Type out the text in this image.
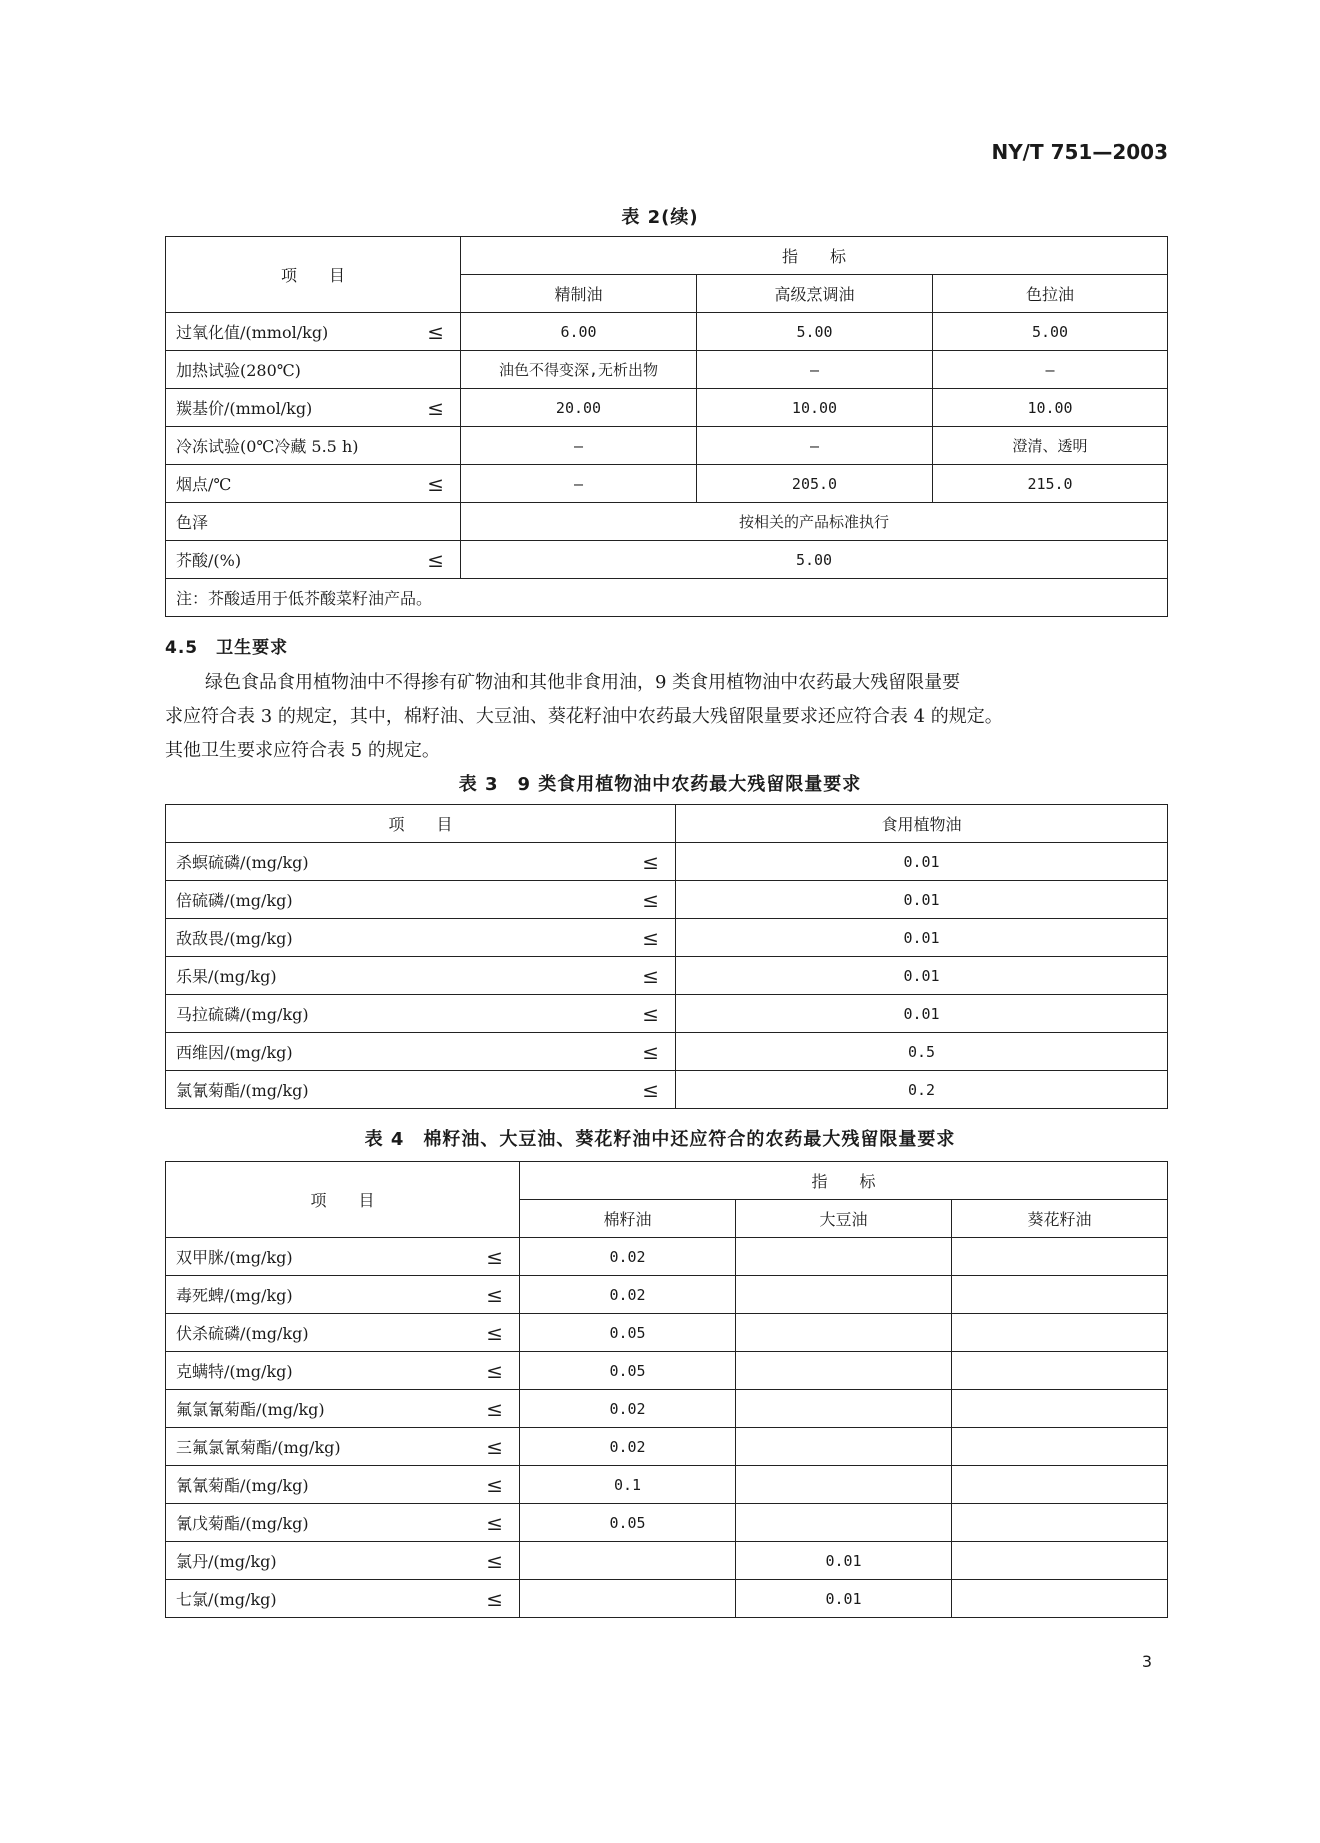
NY/T 751—2003
表 2(续)
项　　目	指　　标		
	精制油	高级烹调油	色拉油

过氧化值/(mmol/kg) ≤	6.00	5.00	5.00

加热试验(280℃)	油色不得变深,无析出物	—	—

羰基价/(mmol/kg) ≤	20.00	10.00	10.00

冷冻试验(0℃冷藏 5.5 h)	—	—	澄清、透明

烟点/℃ ≤	—	205.0	215.0

色泽	按相关的产品标准执行		

芥酸/(%) ≤	5.00		
注：芥酸适用于低芥酸菜籽油产品。			
4.5 卫生要求
绿色食品食用植物油中不得掺有矿物油和其他非食用油，9 类食用植物油中农药最大残留限量要
求应符合表 3 的规定，其中，棉籽油、大豆油、葵花籽油中农药最大残留限量要求还应符合表 4 的规定。
其他卫生要求应符合表 5 的规定。
表 3　9 类食用植物油中农药最大残留限量要求
项　　目	食用植物油

杀螟硫磷/(mg/kg) ≤	0.01

倍硫磷/(mg/kg) ≤	0.01

敌敌畏/(mg/kg) ≤	0.01

乐果/(mg/kg) ≤	0.01

马拉硫磷/(mg/kg) ≤	0.01

西维因/(mg/kg) ≤	0.5

氯氰菊酯/(mg/kg) ≤	0.2
表 4　棉籽油、大豆油、葵花籽油中还应符合的农药最大残留限量要求
项　　目	指　　标		
	棉籽油	大豆油	葵花籽油

双甲脒/(mg/kg) ≤	0.02		

毒死蜱/(mg/kg) ≤	0.02		

伏杀硫磷/(mg/kg) ≤	0.05		

克螨特/(mg/kg) ≤	0.05		

氟氯氰菊酯/(mg/kg) ≤	0.02		

三氟氯氰菊酯/(mg/kg) ≤	0.02		

氰氰菊酯/(mg/kg) ≤	0.1		

氰戊菊酯/(mg/kg) ≤	0.05		

氯丹/(mg/kg) ≤		0.01	

七氯/(mg/kg) ≤		0.01	
3
